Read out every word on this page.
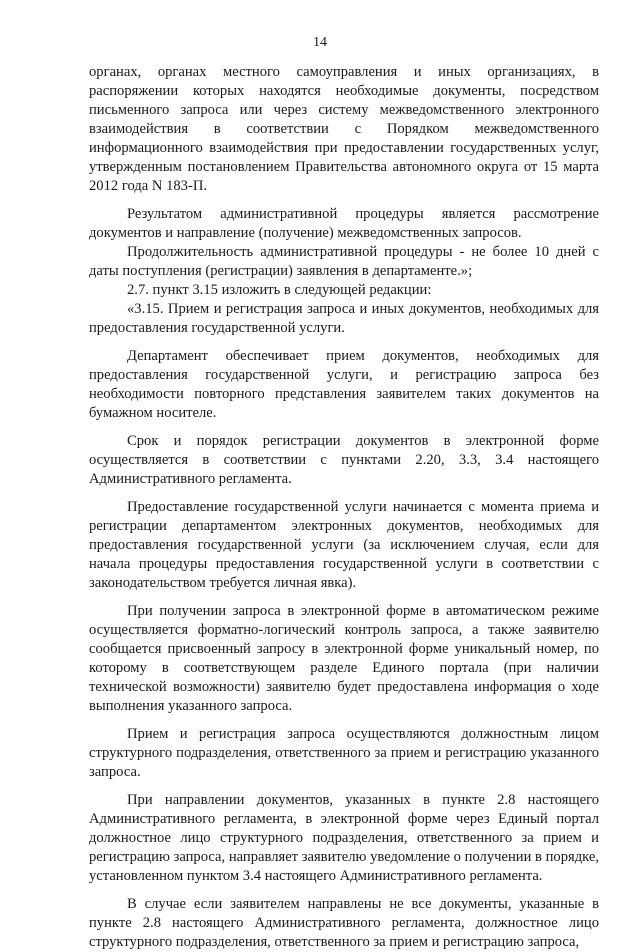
14

органах, органах местного самоуправления и иных организациях, в распоряжении которых находятся необходимые документы, посредством письменного запроса или через систему межведомственного электронного взаимодействия в соответствии с Порядком межведомственного информационного взаимодействия при предоставлении государственных услуг, утвержденным постановлением Правительства автономного округа от 15 марта 2012 года N 183-П.

Результатом административной процедуры является рассмотрение документов и направление (получение) межведомственных запросов.

Продолжительность административной процедуры - не более 10 дней с даты поступления (регистрации) заявления в департаменте.»;

2.7. пункт 3.15 изложить в следующей редакции:

«3.15. Прием и регистрация запроса и иных документов, необходимых для предоставления государственной услуги.

Департамент обеспечивает прием документов, необходимых для предоставления государственной услуги, и регистрацию запроса без необходимости повторного представления заявителем таких документов на бумажном носителе.

Срок и порядок регистрации документов в электронной форме осуществляется в соответствии с пунктами 2.20, 3.3, 3.4 настоящего Административного регламента.

Предоставление государственной услуги начинается с момента приема и регистрации департаментом электронных документов, необходимых для предоставления государственной услуги (за исключением случая, если для начала процедуры предоставления государственной услуги в соответствии с законодательством требуется личная явка).

При получении запроса в электронной форме в автоматическом режиме осуществляется форматно-логический контроль запроса, а также заявителю сообщается присвоенный запросу в электронной форме уникальный номер, по которому в соответствующем разделе Единого портала (при наличии технической возможности) заявителю будет предоставлена информация о ходе выполнения указанного запроса.

Прием и регистрация запроса осуществляются должностным лицом структурного подразделения, ответственного за прием и регистрацию указанного запроса.

При направлении документов, указанных в пункте 2.8 настоящего Административного регламента, в электронной форме через Единый портал должностное лицо структурного подразделения, ответственного за прием и регистрацию запроса, направляет заявителю уведомление о получении в порядке, установленном пунктом 3.4 настоящего Административного регламента.

В случае если заявителем направлены не все документы, указанные в пункте 2.8 настоящего Административного регламента, должностное лицо структурного подразделения, ответственного за прием и регистрацию запроса,
